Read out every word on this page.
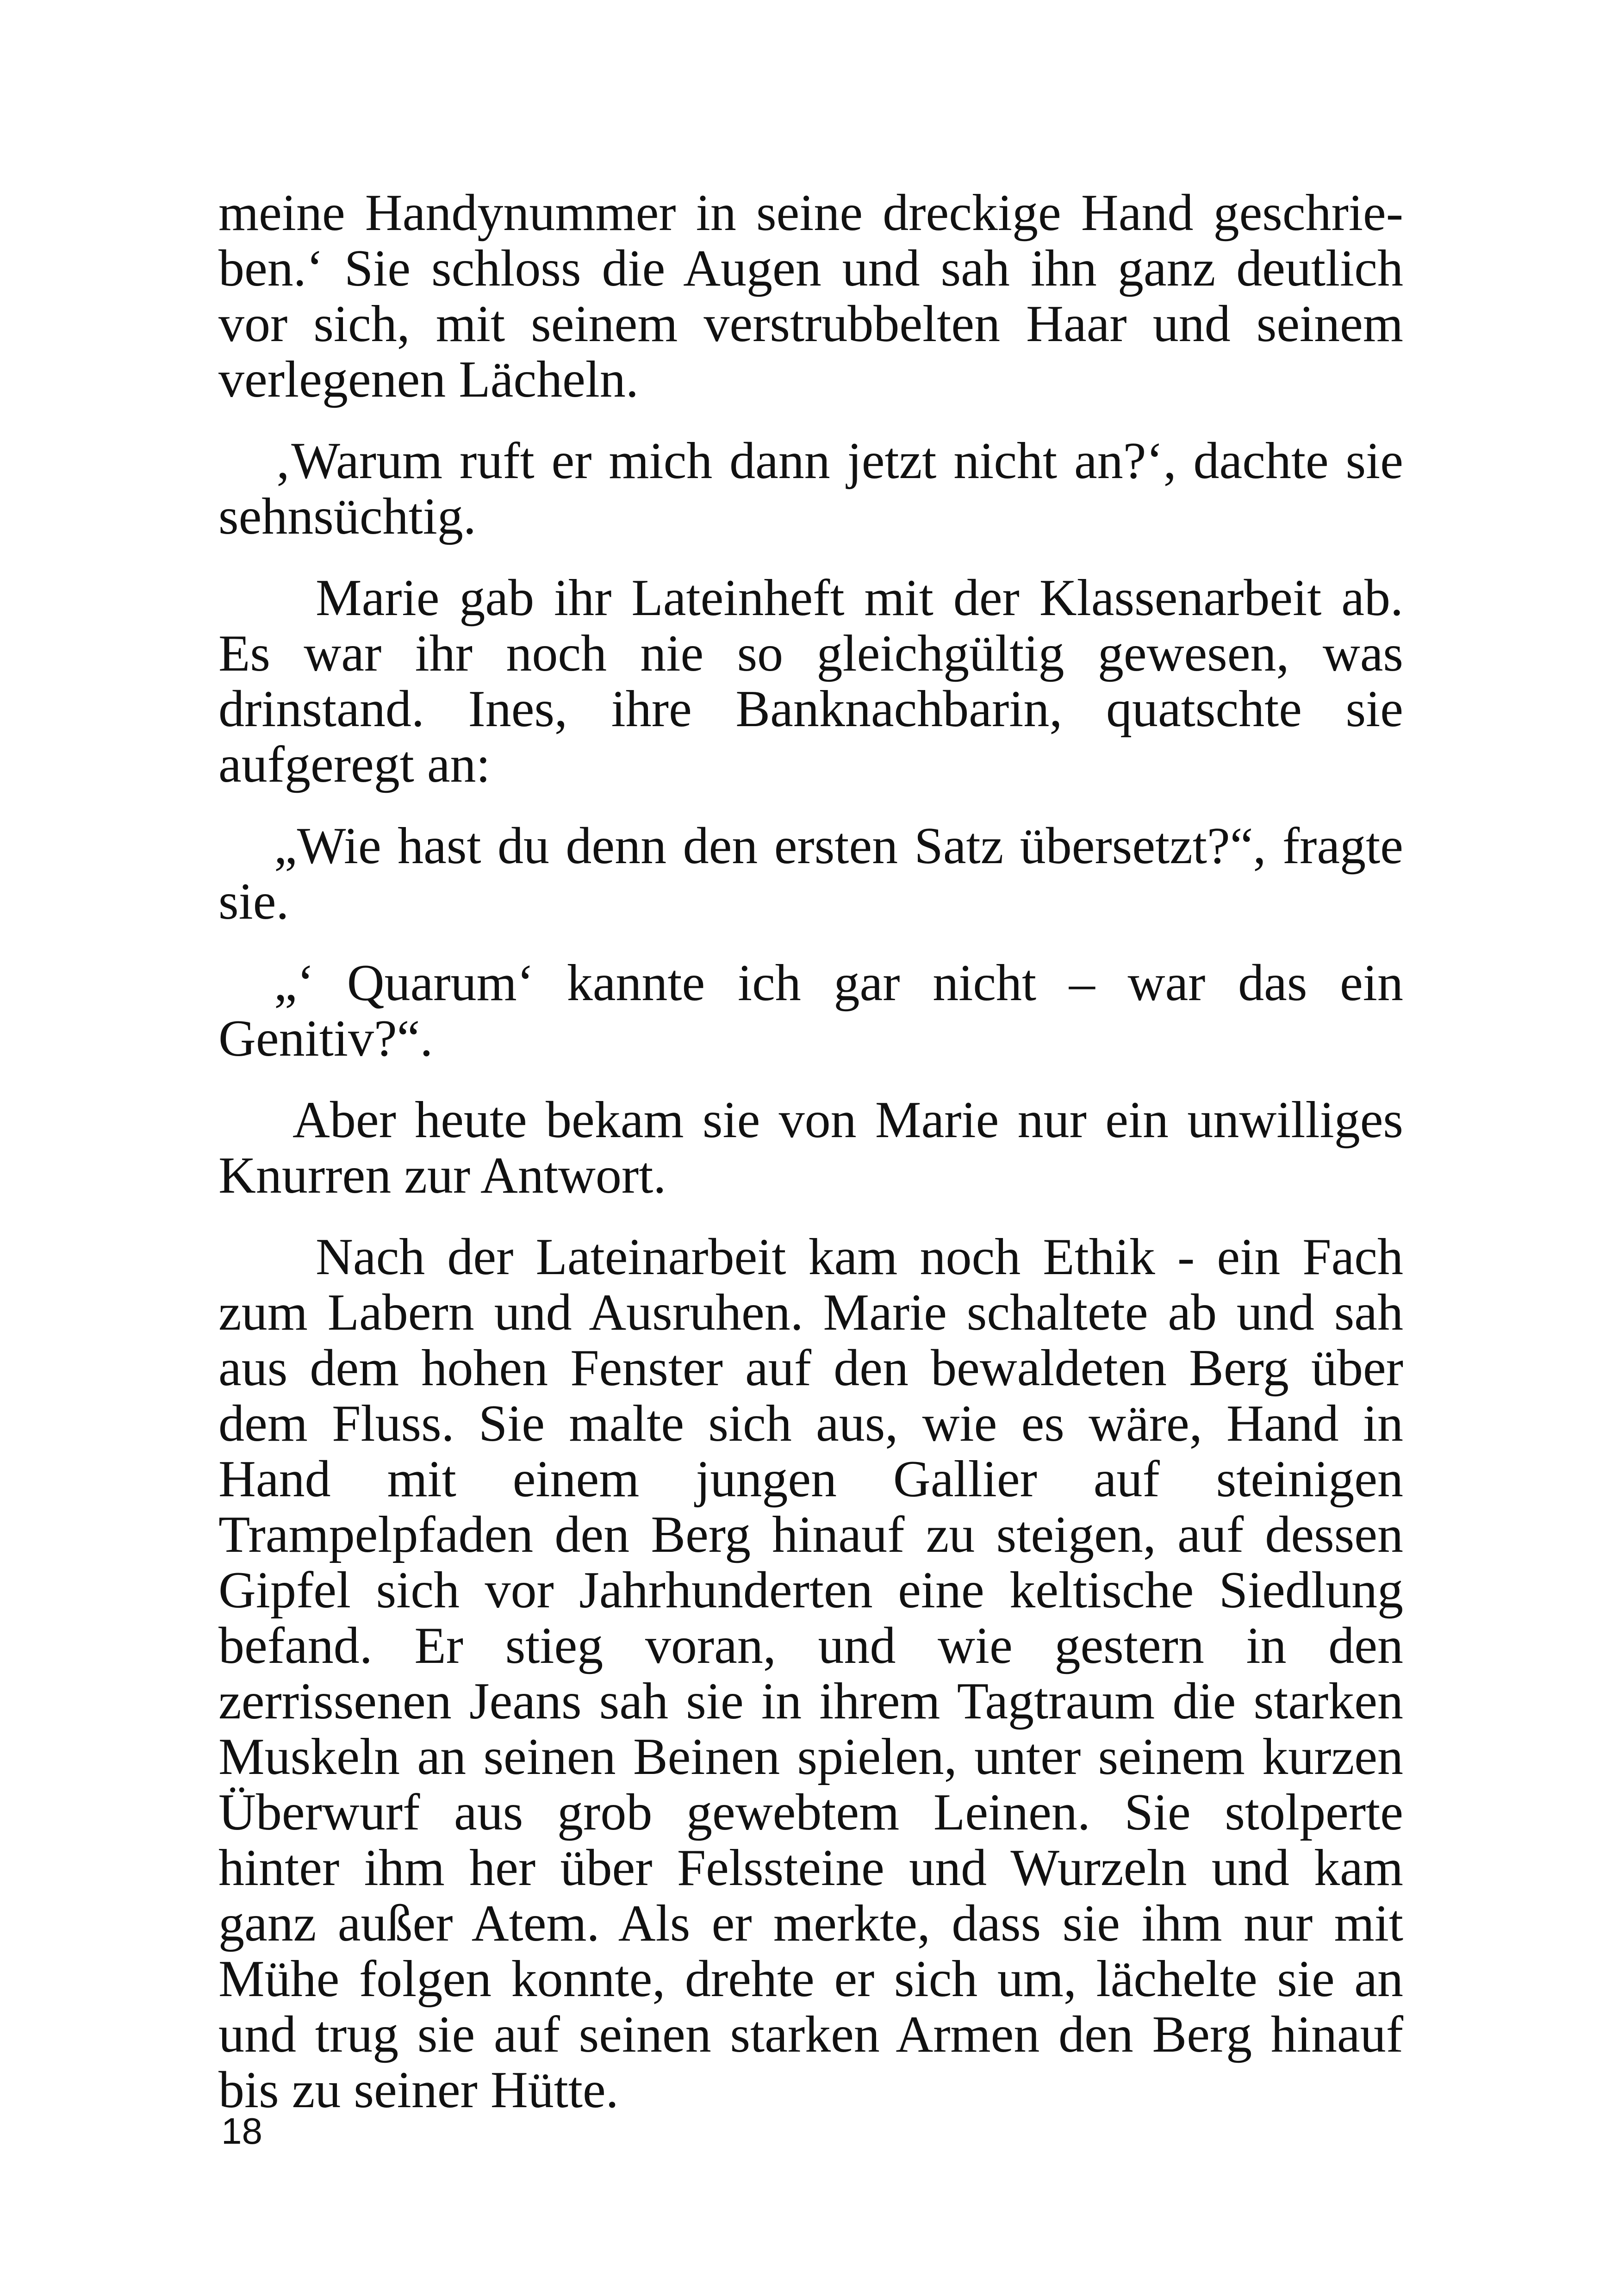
meine Handynummer in seine dreckige Hand geschrieben.‘ Sie schloss die Augen und sah ihn ganz deutlich vor sich, mit seinem verstrubbelten Haar und seinem verlegenen Lächeln.

‚Warum ruft er mich dann jetzt nicht an?‘, dachte sie sehnsüchtig.

Marie gab ihr Lateinheft mit der Klassenarbeit ab. Es war ihr noch nie so gleichgültig gewesen, was drinstand. Ines, ihre Banknachbarin, quatschte sie aufgeregt an:

„Wie hast du denn den ersten Satz übersetzt?“, fragte sie.

„‘ Quarum‘ kannte ich gar nicht – war das ein Genitiv?“.

Aber heute bekam sie von Marie nur ein unwilliges Knurren zur Antwort.

Nach der Lateinarbeit kam noch Ethik - ein Fach zum Labern und Ausruhen. Marie schaltete ab und sah aus dem hohen Fenster auf den bewaldeten Berg über dem Fluss. Sie malte sich aus, wie es wäre, Hand in Hand mit einem jungen Gallier auf steinigen Trampelpfaden den Berg hinauf zu steigen, auf dessen Gipfel sich vor Jahrhunderten eine keltische Siedlung befand. Er stieg voran, und wie gestern in den zerrissenen Jeans sah sie in ihrem Tagtraum die starken Muskeln an seinen Beinen spielen, unter seinem kurzen Überwurf aus grob gewebtem Leinen. Sie stolperte hinter ihm her über Felssteine und Wurzeln und kam ganz außer Atem. Als er merkte, dass sie ihm nur mit Mühe folgen konnte, drehte er sich um, lächelte sie an und trug sie auf seinen starken Armen den Berg hinauf bis zu seiner Hütte.

18
